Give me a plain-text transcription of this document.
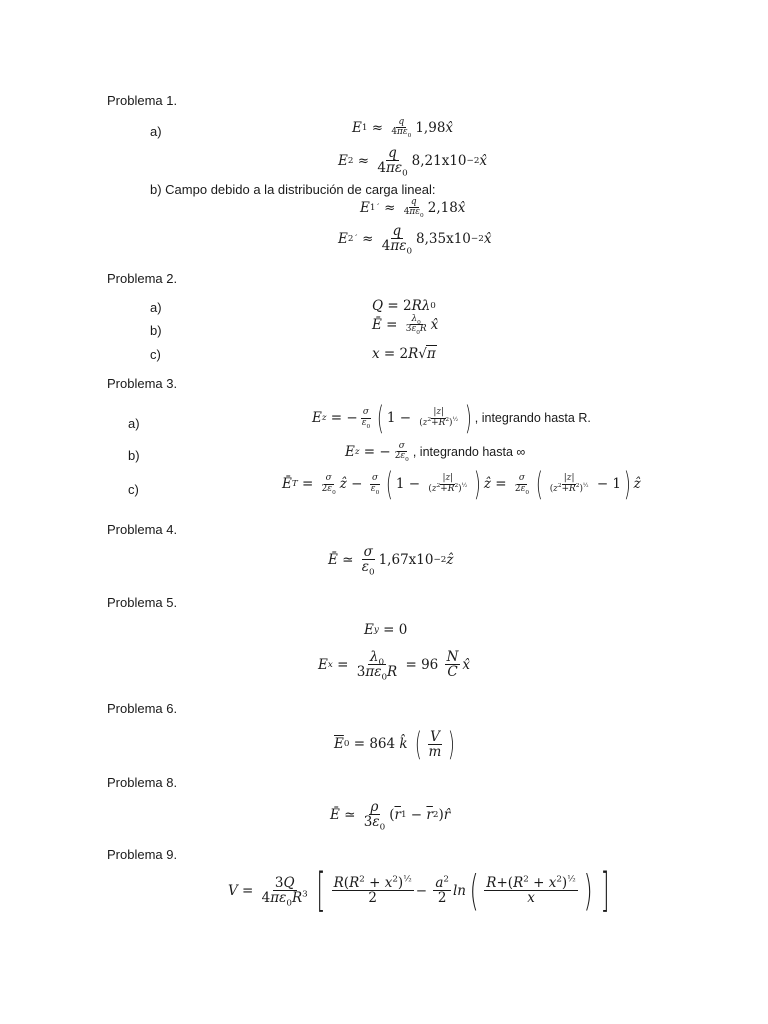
Problema 1.
a)	E $1 \approx \frac{q}{4\pi\varepsilon_0} 1,98$ x̂
E $2 \approx \frac{q}{4\pi\varepsilon_0} 8,21x10 -2$ x̂
b) Campo debido a la distribución de carga lineal:
E 1 ´ ≈ $\frac{q}{4\pi\varepsilon_0} 2,18$ x̂
E 2 ´ ≈ $\frac{q}{4\pi\varepsilon_0} 8,35x10 -2$ x̂
Problema 2.
a)	Q = 2 R λ 0
b)	Ē = $\frac{\lambda_0}{3\varepsilon_0R}$ x̂
c)	x = 2 R √ π
Problema 3.
a)	E z = − $\frac{\sigma}{\varepsilon_0}$ ( $1 - \frac{|z|}{(z^2+R^2)^{\frac{1}{2}}}$ ) , integrando hasta R.
b)	E z = − $\frac{\sigma}{2\varepsilon_0}$ , integrando hasta ∞
c)	Ē $T = \frac{\sigma}{2\varepsilon_0}$ ẑ − $\frac{\sigma}{\varepsilon_0}$ ( $1 - \frac{|z|}{(z^2+R^2)^{\frac{1}{2}}}$ ) ẑ = $\frac{\sigma}{2\varepsilon_0}$ ( $\frac{|z|}{(z^2+R^2)^{\frac{1}{2}}} - 1$ ) ẑ
Problema 4.
Ē ≃ $\frac{\sigma}{\varepsilon_0} 1,67x10 -2$ ẑ
Problema 5.
E y
= 0
E $x = \frac{\lambda_0}{3\pi\varepsilon_0R} = 96$
$\frac{N}{C}$ x̂
Problema 6.
$\overline{E}$ 0 = 864
k̂
( $\frac{V}{m}$ )
Problema 8.
Ē ≃ $\frac{\rho}{3\varepsilon_0}$ ( $\overline{r}$ $1 - \overline{r}$ 2 ) r̂
Problema 9.
$V = \frac{3Q}{4\pi\varepsilon_0R^3}$ [ $\frac{R(R^2 + x^2)^{\frac{1}{2}}}{2} - \frac{a^2}{2}$ ln ( $\frac{R+(R^2 + x^2)^{\frac{1}{2}}}{x}$ ) ]
